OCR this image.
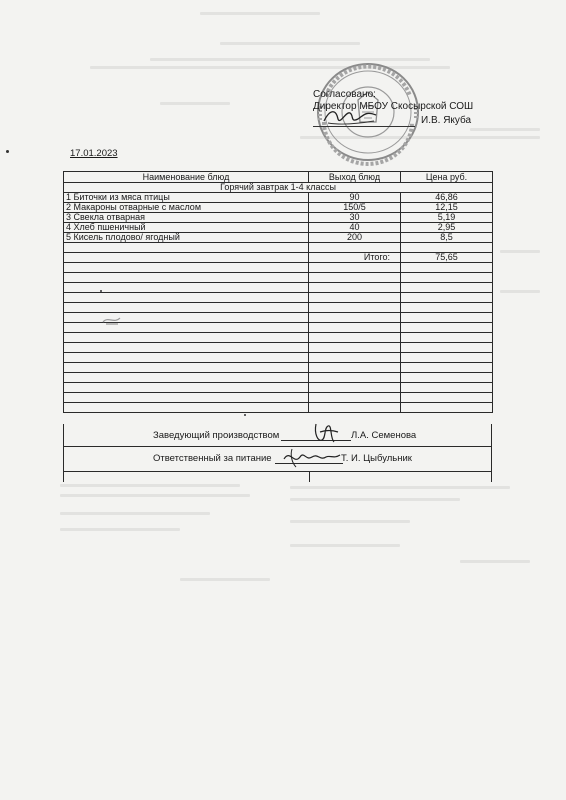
Согласовано:
Директор МБОУ Скосырской СОШ
И.В. Якуба
17.01.2023
Наименование блюд	Выход блюд	Цена руб.
Горячий завтрак 1-4 классы		
1 Биточки из мяса птицы	90	46,86
2 Макароны отварные с маслом	150/5	12,15
3 Свекла отварная	30	5,19
4 Хлеб пшеничный	40	2,95
5 Кисель плодово/ ягодный	200	8,5

	Итого:	75,65

Заведующий производством	Л.А. Семенова
Ответственный за питание	Т. И. Цыбульник
